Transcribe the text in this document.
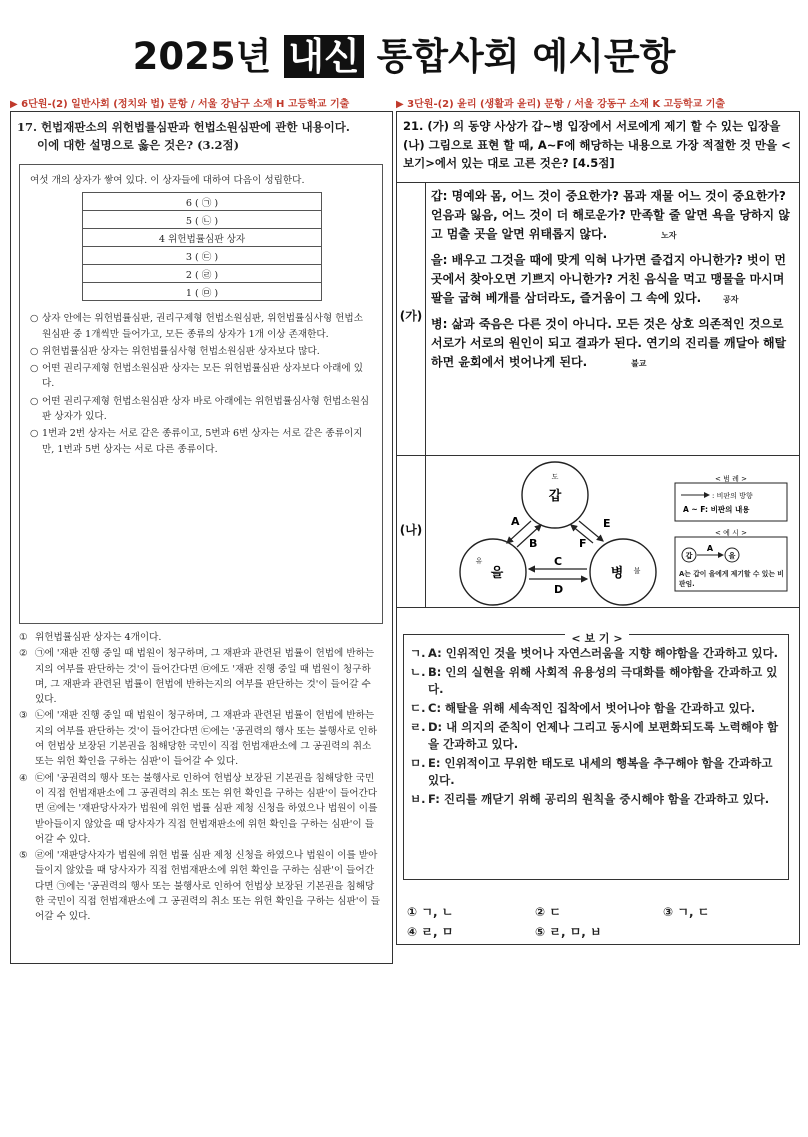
2025년 내신 통합사회 예시문항
▶ 6단원-(2) 일반사회 (정치와 법) 문항 / 서울 강남구 소재 H 고등학교 기출	▶ 3단원-(2) 윤리 (생활과 윤리) 문항 / 서울 강동구 소재 K 고등학교 기출
17. 헌법재판소의 위헌법률심판과 헌법소원심판에 관한 내용이다.
이에 대한 설명으로 옳은 것은? (3.2점)
여섯 개의 상자가 쌓여 있다. 이 상자들에 대하여 다음이 성립한다.
6 ( ㉠ )
5 ( ㉡ )
4 위헌법률심판 상자
3 ( ㉢ )
2 ( ㉣ )
1 ( ㉤ )
○ 상자 안에는 위헌법률심판, 권리구제형 헌법소원심판, 위헌법률심사형 헌법소원심판 중 1개씩만 들어가고, 모든 종류의 상자가 1개 이상 존재한다.
○ 위헌법률심판 상자는 위헌법률심사형 헌법소원심판 상자보다 많다.
○ 어떤 권리구제형 헌법소원심판 상자는 모든 위헌법률심판 상자보다 아래에 있다.
○ 어떤 권리구제형 헌법소원심판 상자 바로 아래에는 위헌법률심사형 헌법소원심판 상자가 있다.
○ 1번과 2번 상자는 서로 같은 종류이고, 5번과 6번 상자는 서로 같은 종류이지만, 1번과 5번 상자는 서로 다른 종류이다.
① 위헌법률심판 상자는 4개이다.
② ㉠에 '재판 진행 중일 때 법원이 청구하며, 그 재판과 관련된 법률이 헌법에 반하는지의 여부를 판단하는 것'이 들어간다면 ㉤에도 '재판 진행 중일 때 법원이 청구하며, 그 재판과 관련된 법률이 헌법에 반하는지의 여부를 판단하는 것'이 들어갈 수 있다.
③ ㉡에 '재판 진행 중일 때 법원이 청구하며, 그 재판과 관련된 법률이 헌법에 반하는지의 여부를 판단하는 것'이 들어간다면 ㉢에는 '공권력의 행사 또는 불행사로 인하여 헌법상 보장된 기본권을 침해당한 국민이 직접 헌법재판소에 그 공권력의 취소 또는 위헌 확인을 구하는 심판'이 들어갈 수 있다.
④ ㉢에 '공권력의 행사 또는 불행사로 인하여 헌법상 보장된 기본권을 침해당한 국민이 직접 헌법재판소에 그 공권력의 취소 또는 위헌 확인을 구하는 심판'이 들어간다면 ㉣에는 '재판당사자가 법원에 위헌 법률 심판 제청 신청을 하였으나 법원이 이를 받아들이지 않았을 때 당사자가 직접 헌법재판소에 위헌 확인을 구하는 심판'이 들어갈 수 있다.
⑤ ㉣에 '재판당사자가 법원에 위헌 법률 심판 제청 신청을 하였으나 법원이 이를 받아들이지 않았을 때 당사자가 직접 헌법재판소에 위헌 확인을 구하는 심판'이 들어간다면 ㉠에는 '공권력의 행사 또는 불행사로 인하여 헌법상 보장된 기본권을 침해당한 국민이 직접 헌법재판소에 그 공권력의 취소 또는 위헌 확인을 구하는 심판'이 들어갈 수 있다.
21. (가) 의 동양 사상가 갑~병 입장에서 서로에게 제기 할 수 있는 입장을 (나) 그림으로 표현 할 때, A~F에 해당하는 내용으로 가장 적절한 것 만을 <보기>에서 있는 대로 고른 것은? [4.5점]
(가)
갑: 명예와 몸, 어느 것이 중요한가? 몸과 재물 어느 것이 중요한가? 얻음과 잃음, 어느 것이 더 해로운가? 만족할 줄 알면 욕을 당하지 않고 멈출 곳을 알면 위태롭지 않다.	노자
을: 배우고 그것을 때에 맞게 익혀 나가면 즐겁지 아니한가? 벗이 먼 곳에서 찾아오면 기쁘지 아니한가? 거친 음식을 먹고 맹물을 마시며 팔을 굽혀 베개를 삼더라도, 즐거움이 그 속에 있다.	공자
병: 삶과 죽음은 다른 것이 아니다. 모든 것은 상호 의존적인 것으로 서로가 서로의 원인이 되고 결과가 된다. 연기의 진리를 깨달아 해탈하면 윤회에서 벗어나게 된다.	불교
(나)
갑
도
을
유
병 불
A
B
C
D
E
F
< 범 례 >
: 비판의 방향
A ~ F: 비판의 내용
< 예 시 >
갑
A
을
A는 갑이 을에게 제기할 수 있는 비판임.
< 보 기 >
ㄱ. A: 인위적인 것을 벗어나 자연스러움을 지향 해야함을 간과하고 있다.
ㄴ. B: 인의 실현을 위해 사회적 유용성의 극대화를 해야함을 간과하고 있다.
ㄷ. C: 해탈을 위해 세속적인 집착에서 벗어나야 함을 간과하고 있다.
ㄹ. D: 내 의지의 준칙이 언제나 그리고 동시에 보편화되도록 노력해야 함을 간과하고 있다.
ㅁ. E: 인위적이고 무위한 태도로 내세의 행복을 추구해야 함을 간과하고 있다.
ㅂ. F: 진리를 깨닫기 위해 공리의 원칙을 중시해야 함을 간과하고 있다.
① ㄱ, ㄴ	② ㄷ	③ ㄱ, ㄷ
④ ㄹ, ㅁ	⑤ ㄹ, ㅁ, ㅂ
